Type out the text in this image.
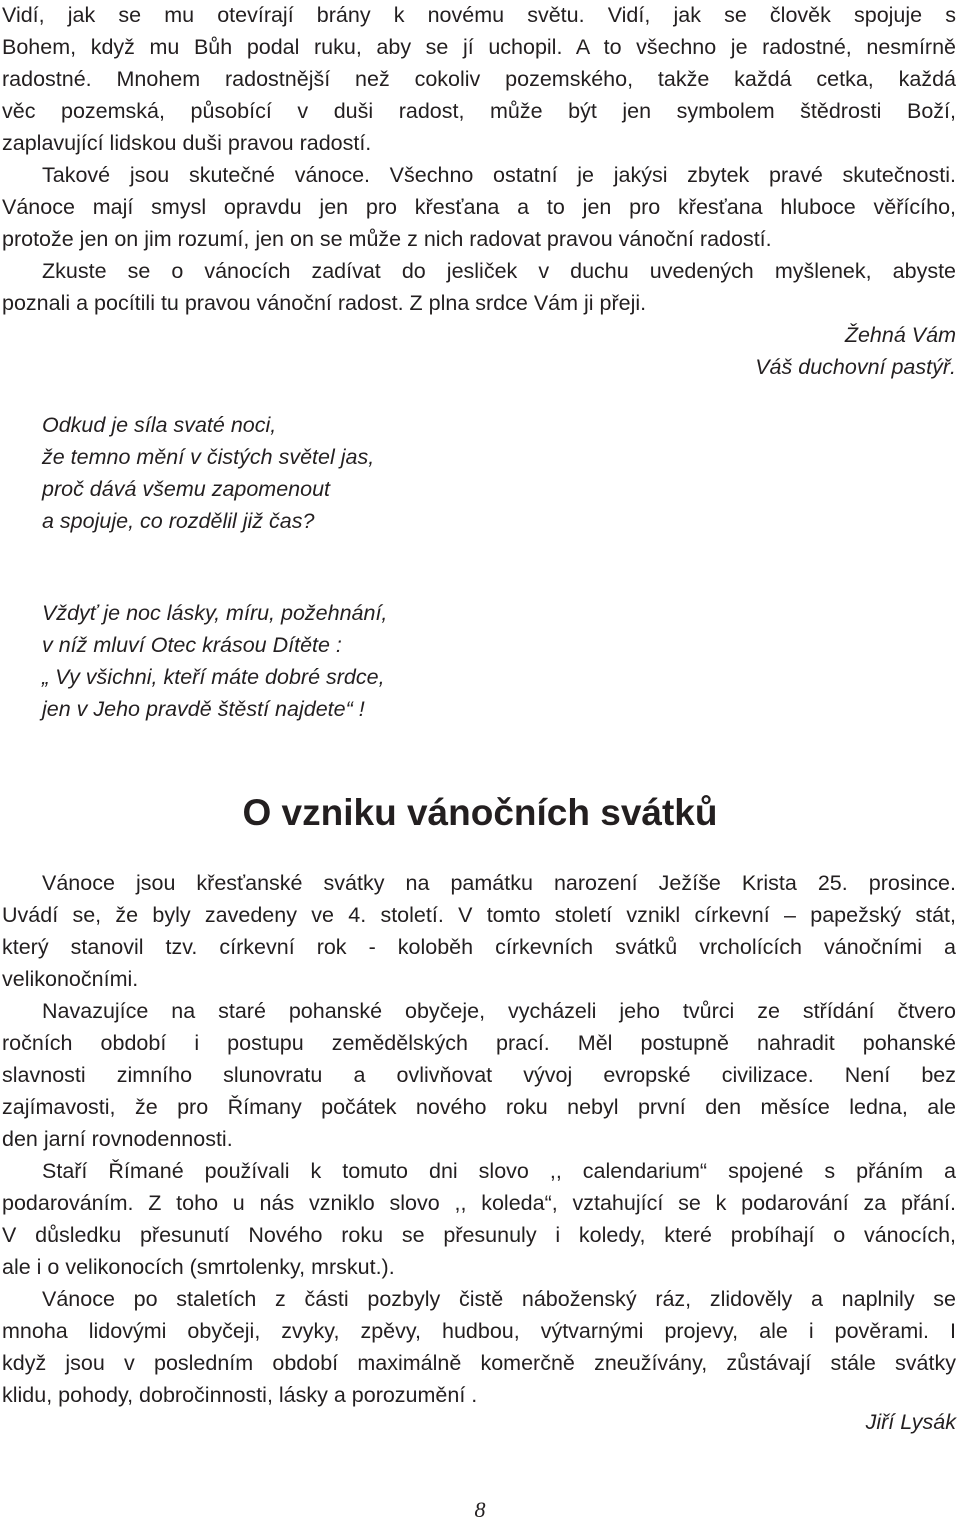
Vidí, jak se mu otevírají brány k novému světu. Vidí, jak se člověk spojuje s
Bohem, když mu Bůh podal ruku, aby se jí uchopil. A to všechno je radostné, nesmírně
radostné. Mnohem radostnější než cokoliv pozemského, takže každá cetka, každá
věc pozemská, působící v duši radost, může být jen symbolem štědrosti Boží,
zaplavující lidskou duši pravou radostí.
Takové jsou skutečné vánoce. Všechno ostatní je jakýsi zbytek pravé skutečnosti.
Vánoce mají smysl opravdu jen pro křesťana a to jen pro křesťana hluboce věřícího,
protože jen on jim rozumí, jen on se může z nich radovat pravou vánoční radostí.
Zkuste se o vánocích zadívat do jesliček v duchu uvedených myšlenek, abyste
poznali a pocítili tu pravou vánoční radost. Z plna srdce Vám ji přeji.
Žehná Vám
Váš duchovní pastýř.
Odkud je síla svaté noci,
že temno mění v čistých světel jas,
proč dává všemu zapomenout
a spojuje, co rozdělil již čas?
Vždyť je noc lásky, míru, požehnání,
v níž mluví Otec krásou Dítěte :
„ Vy všichni, kteří máte dobré srdce,
jen v Jeho pravdě štěstí najdete“ !
O vzniku vánočních svátků
Vánoce jsou křesťanské svátky na památku narození Ježíše Krista 25. prosince.
Uvádí se, že byly zavedeny ve 4. století. V tomto století vznikl církevní – papežský stát,
který stanovil tzv. církevní rok - koloběh církevních svátků vrcholících vánočními a
velikonočními.
Navazujíce na staré pohanské obyčeje, vycházeli jeho tvůrci ze střídání čtvero
ročních období i postupu zemědělských prací. Měl postupně nahradit pohanské
slavnosti zimního slunovratu a ovlivňovat vývoj evropské civilizace. Není bez
zajímavosti, že pro Římany počátek nového roku nebyl první den měsíce ledna, ale
den jarní rovnodennosti.
Staří Římané používali k tomuto dni slovo ,, calendarium“ spojené s přáním a
podarováním. Z toho u nás vzniklo slovo ,, koleda“, vztahující se k podarování za přání.
V důsledku přesunutí Nového roku se přesunuly i koledy, které probíhají o vánocích,
ale i o velikonocích (smrtolenky, mrskut.).
Vánoce po staletích z části pozbyly čistě náboženský ráz, zlidověly a naplnily se
mnoha lidovými obyčeji, zvyky, zpěvy, hudbou, výtvarnými projevy, ale i pověrami. I
když jsou v posledním období maximálně komerčně zneužívány, zůstávají stále svátky
klidu, pohody, dobročinnosti, lásky a porozumění .
Jiří Lysák
8
